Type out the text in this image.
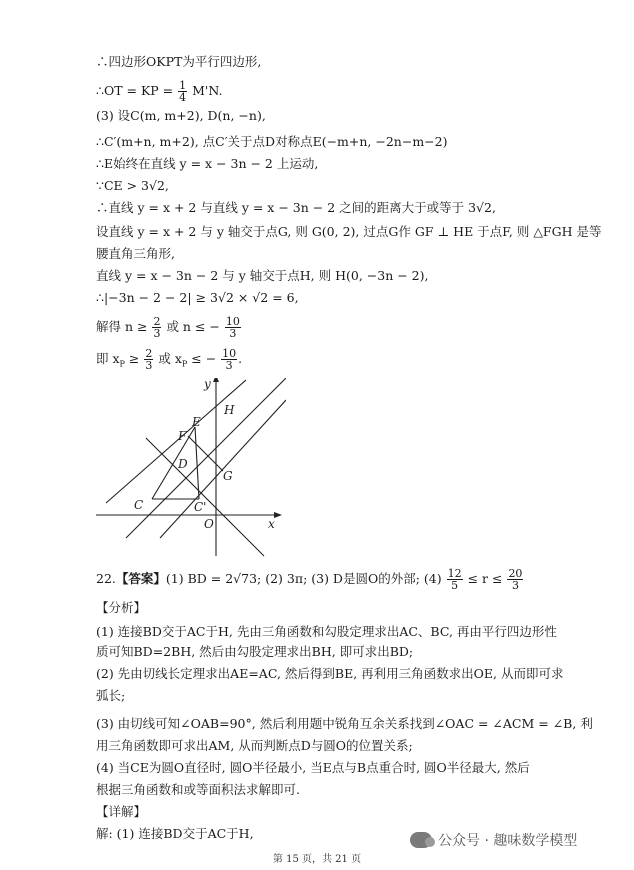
∴四边形OKPT为平行四边形,
∴OT = KP = $\frac{1}{4} M'N$.
(3) 设C(m, m+2), D(n, −n),
∴C′(m+n, m+2), 点C′关于点D对称点E(−m+n, −2n−m−2)
∴E始终在直线 y = x − 3n − 2 上运动,
∵CE > 3√2,
∴直线 y = x + 2 与直线 y = x − 3n − 2 之间的距离大于或等于 3√2,
设直线 y = x + 2 与 y 轴交于点G, 则 G(0, 2), 过点G作 GF ⊥ HE 于点F, 则 △FGH 是等
腰直角三角形,
直线 y = x − 3n − 2 与 y 轴交于点H, 则 H(0, −3n − 2),
∴|−3n − 2 − 2| ≥ 3√2 × √2 = 6,
解得 $n \ge \frac{2}{3}$ 或 n ≤ − $\frac{10}{3}$
即 $x_P \ge \frac{2}{3}$ 或 $x_P$ ≤ − $\frac{10}{3}$ .
y
x
H
E
F
D
G
C	C'
O
22.【答案】(1) BD = 2√73; (2) 3π; (3) D是圆O的外部; $(4) \frac{12}{5} \le r \le \frac{20}{3}$
【分析】
(1) 连接BD交于AC于H, 先由三角函数和勾股定理求出AC、BC, 再由平行四边形性
质可知BD=2BH, 然后由勾股定理求出BH, 即可求出BD;
(2) 先由切线长定理求出AE=AC, 然后得到BE, 再利用三角函数求出OE, 从而即可求
弧长;
(3) 由切线可知∠OAB=90°, 然后利用题中锐角互余关系找到∠OAC = ∠ACM = ∠B, 利
用三角函数即可求出AM, 从而判断点D与圆O的位置关系;
(4) 当CE为圆O直径时, 圆O半径最小, 当E点与B点重合时, 圆O半径最大, 然后
根据三角函数和或等面积法求解即可.
【详解】
解: (1) 连接BD交于AC于H,	公众号 · 趣味数学模型
第 15 页，共 21 页
